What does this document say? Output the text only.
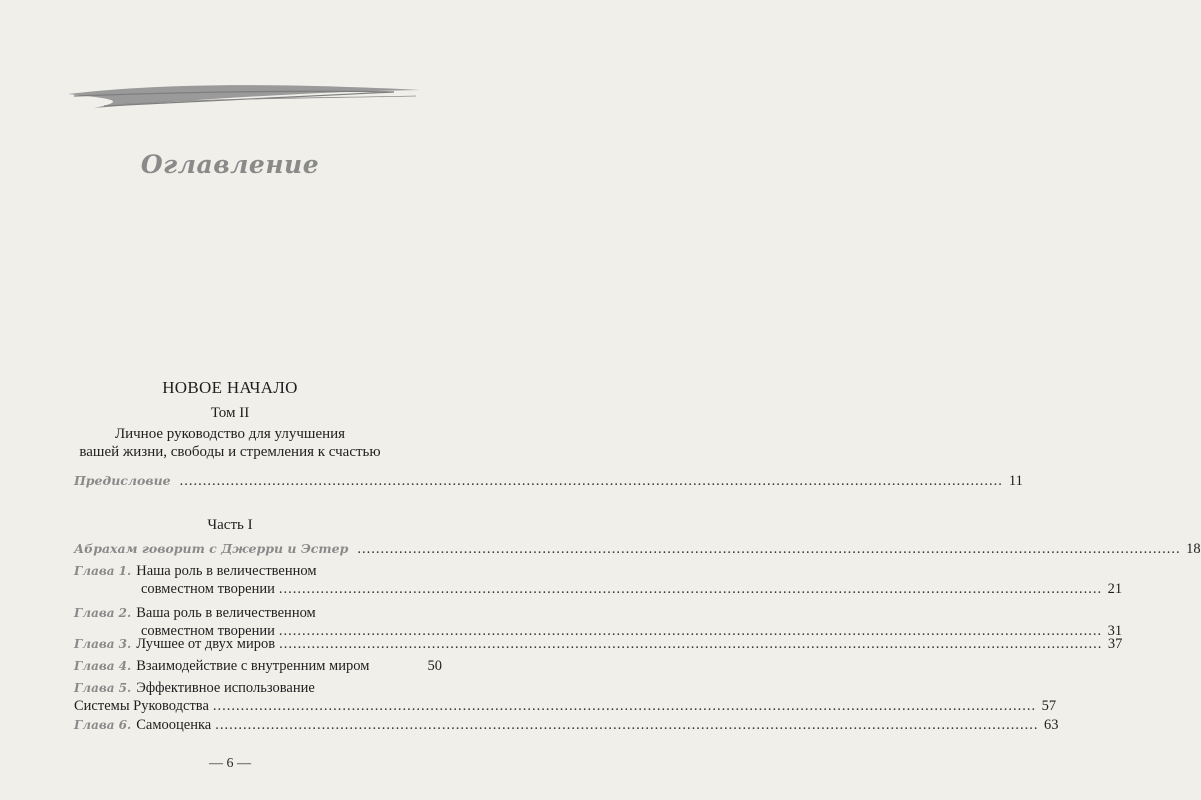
Оглавление
НОВОЕ НАЧАЛО
Том II
Личное руководство для улучшения
вашей жизни, свободы и стремления к счастью
Предисловие .....	11
Часть I
Абрахам говорит с Джерри и Эстер .....	18
Глава 1. Наша роль в величественном
совместном творении .....	21
Глава 2. Ваша роль в величественном
совместном творении .....	31
Глава 3. Лучшее от двух миров .....	37
Глава 4. Взаимодействие с внутренним миром	50
Глава 5. Эффективное использование
Системы Руководства .....	57
Глава 6. Самооценка .....	63
— 6 —
